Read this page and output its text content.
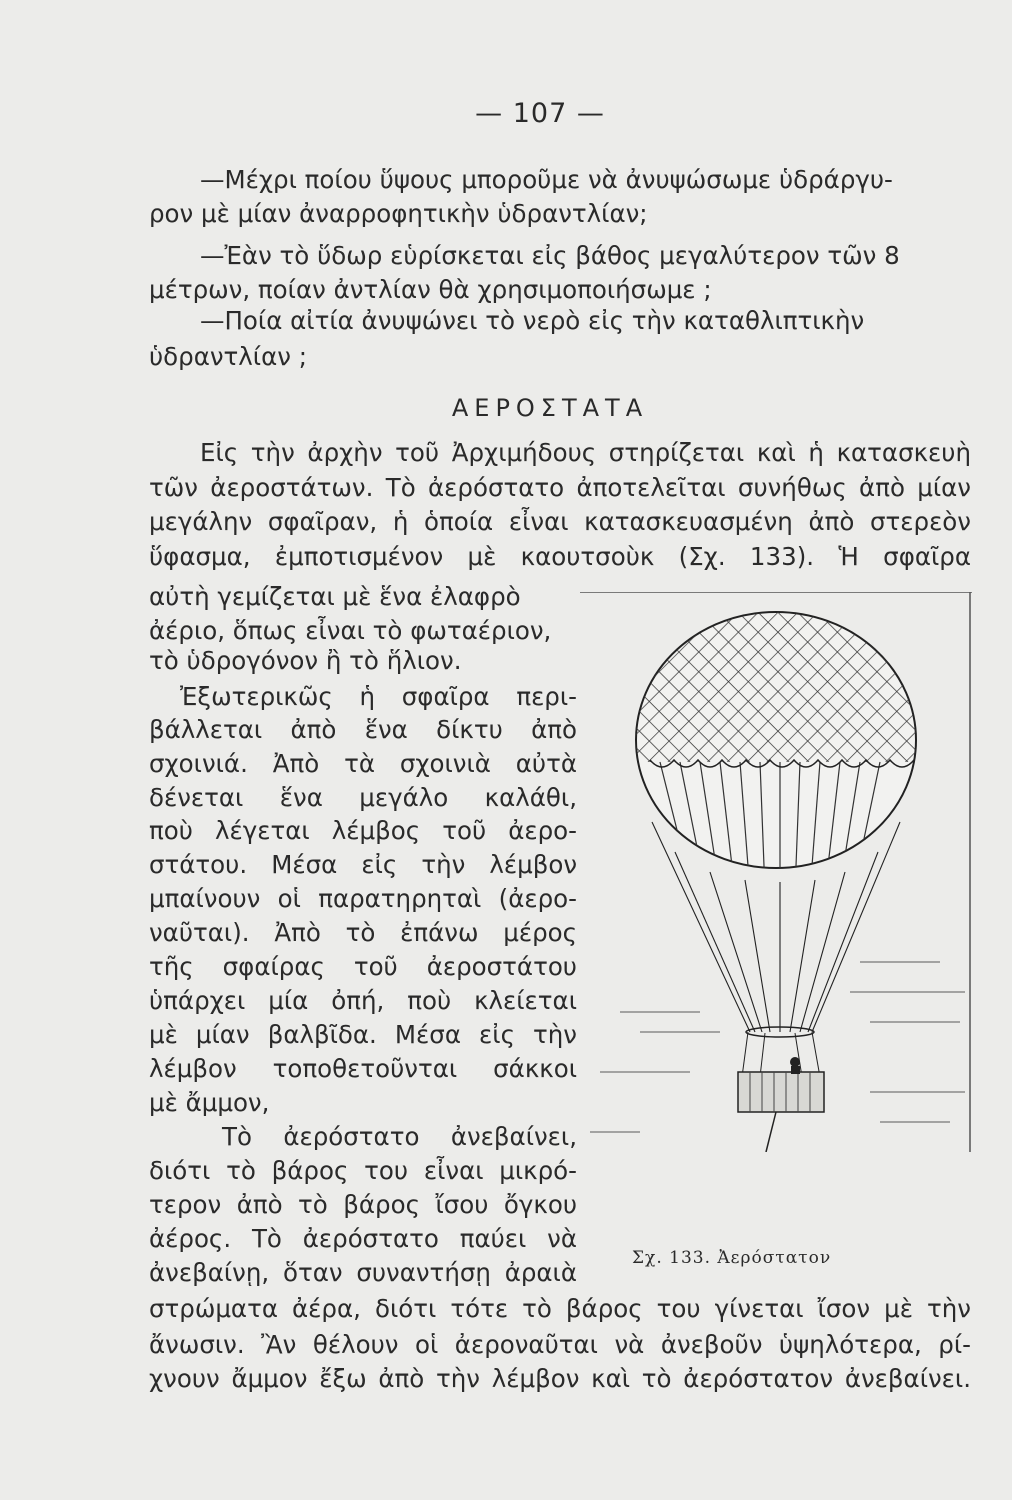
— 107 —
—Μέχρι ποίου ὕψους μποροῦμε νὰ ἀνυψώσωμε ὑδράργυ-
ρον μὲ μίαν ἀναρροφητικὴν ὑδραντλίαν;
—Ἐὰν τὸ ὕδωρ εὑρίσκεται εἰς βάθος μεγαλύτερον τῶν 8
μέτρων, ποίαν ἀντλίαν θὰ χρησιμοποιήσωμε ;
—Ποία αἰτία ἀνυψώνει τὸ νερὸ εἰς τὴν καταθλιπτικὴν
ὑδραντλίαν ;
ΑΕΡΟΣΤΑΤΑ
Εἰς τὴν ἀρχὴν τοῦ Ἀρχιμήδους στηρίζεται καὶ ἡ κατασκευὴ
τῶν ἀεροστάτων. Τὸ ἀερόστατο ἀποτελεῖται συνήθως ἀπὸ μίαν
μεγάλην σφαῖραν, ἡ ὁποία εἶναι κατασκευασμένη ἀπὸ στερεὸν
ὕφασμα, ἐμποτισμένον μὲ καουτσοὺκ (Σχ. 133). Ἡ σφαῖρα
αὐτὴ γεμίζεται μὲ ἕνα ἐλαφρὸ
ἀέριο, ὅπως εἶναι τὸ φωταέριον,
τὸ ὑδρογόνον ἢ τὸ ἥλιον.
Ἐξωτερικῶς ἡ σφαῖρα περι-
βάλλεται ἀπὸ ἕνα δίκτυ ἀπὸ
σχοινιά. Ἀπὸ τὰ σχοινιὰ αὐτὰ
δένεται ἕνα μεγάλο καλάθι,
ποὺ λέγεται λέμβος τοῦ ἀερο-
στάτου. Μέσα εἰς τὴν λέμβον
μπαίνουν οἱ παρατηρηταὶ (ἀερο-
ναῦται). Ἀπὸ τὸ ἐπάνω μέρος
τῆς σφαίρας τοῦ ἀεροστάτου
ὑπάρχει μία ὀπή, ποὺ κλείεται
μὲ μίαν βαλβῖδα. Μέσα εἰς τὴν
λέμβον τοποθετοῦνται σάκκοι
μὲ ἄμμον,
Τὸ ἀερόστατο ἀνεβαίνει,
διότι τὸ βάρος του εἶναι μικρό-
τερον ἀπὸ τὸ βάρος ἴσου ὄγκου
ἀέρος. Τὸ ἀερόστατο παύει νὰ
ἀνεβαίνῃ, ὅταν συναντήσῃ ἀραιὰ	Σχ. 133. Ἀερόστατον
στρώματα ἀέρα, διότι τότε τὸ βάρος του γίνεται ἴσον μὲ τὴν
ἄνωσιν. Ἂν θέλουν οἱ ἀεροναῦται νὰ ἀνεβοῦν ὑψηλότερα, ρί-
χνουν ἄμμον ἔξω ἀπὸ τὴν λέμβον καὶ τὸ ἀερόστατον ἀνεβαίνει.
